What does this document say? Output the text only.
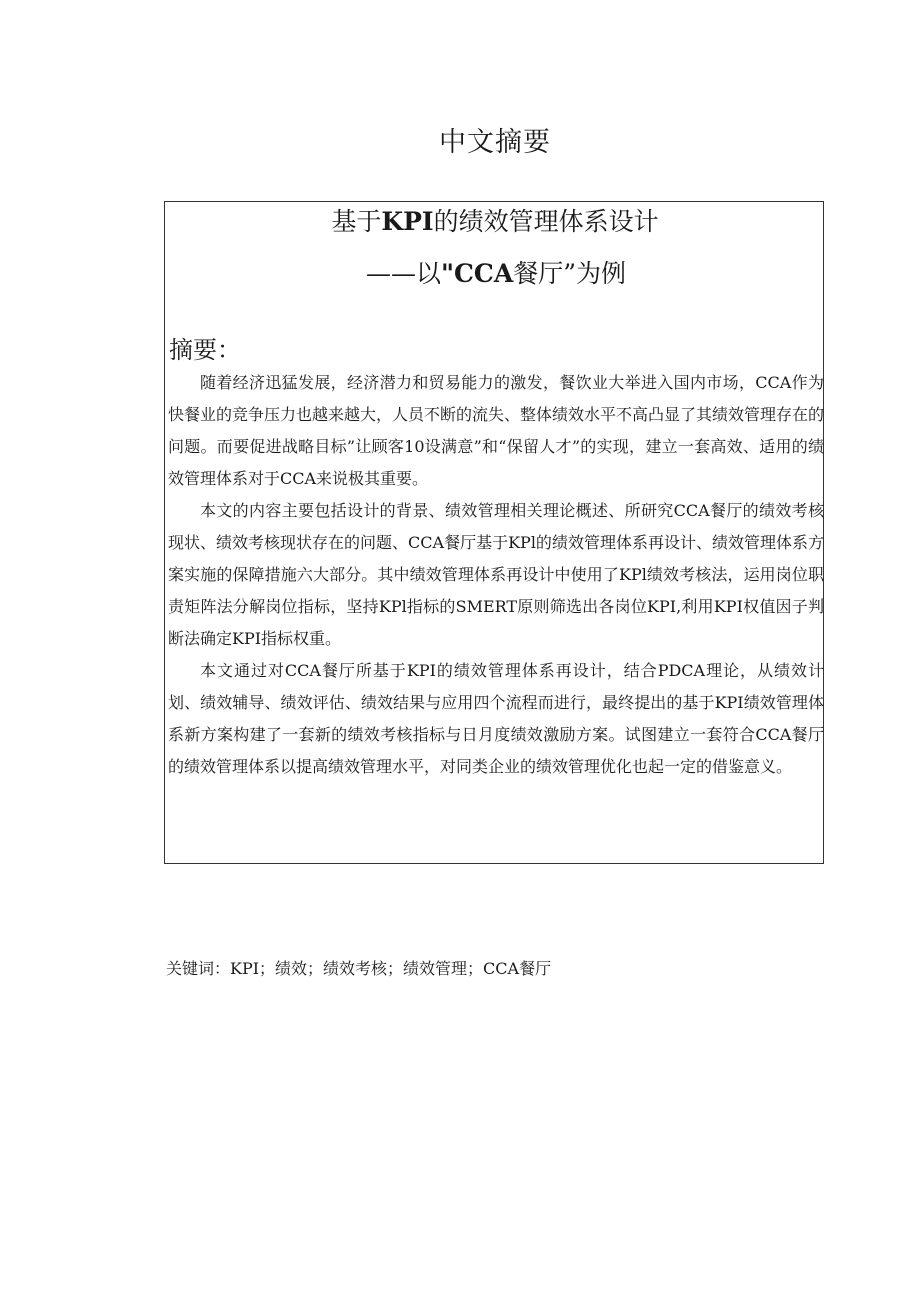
中文摘要
基于KPI的绩效管理体系设计
——以"CCA餐厅”为例
摘要：

随着经济迅猛发展，经济潜力和贸易能力的激发，餐饮业大举进入国内市场，CCA作为快餐业的竞争压力也越来越大，人员不断的流失、整体绩效水平不高凸显了其绩效管理存在的问题。而要促进战略目标”让顾客10设满意”和“保留人才”的实现，建立一套高效、适用的绩效管理体系对于CCA来说极其重要。

本文的内容主要包括设计的背景、绩效管理相关理论概述、所研究CCA餐厅的绩效考核现状、绩效考核现状存在的问题、CCA餐厅基于KPl的绩效管理体系再设计、绩效管理体系方案实施的保障措施六大部分。其中绩效管理体系再设计中使用了KPl绩效考核法，运用岗位职责矩阵法分解岗位指标，坚持KPl指标的SMERT原则筛选出各岗位KPI,利用KPI权值因子判断法确定KPI指标权重。

本文通过对CCA餐厅所基于KPI的绩效管理体系再设计，结合PDCA理论，从绩效计划、绩效辅导、绩效评估、绩效结果与应用四个流程而进行，最终提出的基于KPI绩效管理体系新方案构建了一套新的绩效考核指标与日月度绩效激励方案。试图建立一套符合CCA餐厅的绩效管理体系以提高绩效管理水平，对同类企业的绩效管理优化也起一定的借鉴意义。

关键词：KPI；绩效；绩效考核；绩效管理；CCA餐厅
